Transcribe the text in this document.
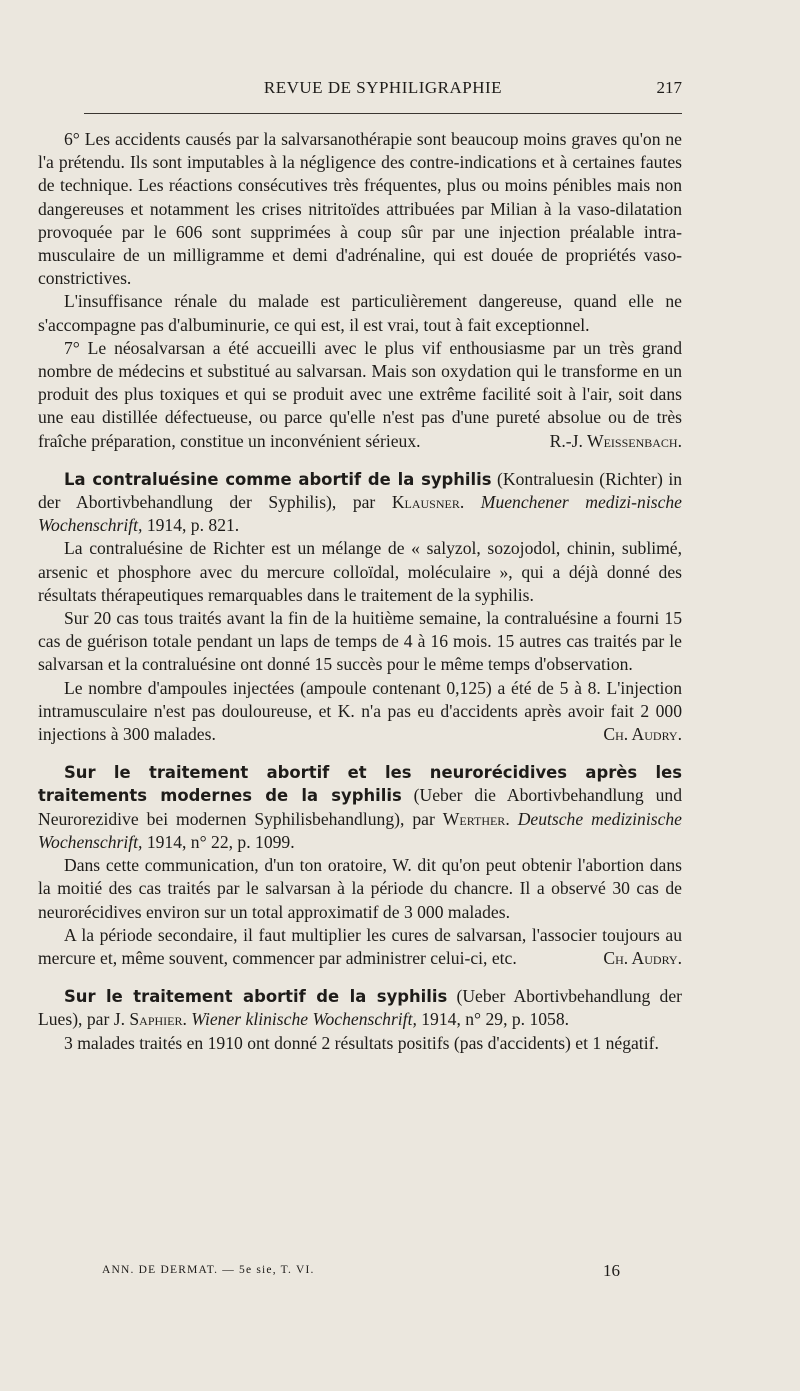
REVUE DE SYPHILIGRAPHIE	217

6° Les accidents causés par la salvarsanothérapie sont beaucoup moins graves qu'on ne l'a prétendu. Ils sont imputables à la négligence des contre-indications et à certaines fautes de technique. Les réactions consécutives très fréquentes, plus ou moins pénibles mais non dangereuses et notamment les crises nitritoïdes attribuées par Milian à la vaso-dilatation provoquée par le 606 sont supprimées à coup sûr par une injection préalable intra-musculaire de un milligramme et demi d'adrénaline, qui est douée de propriétés vaso-constrictives.

L'insuffisance rénale du malade est particulièrement dangereuse, quand elle ne s'accompagne pas d'albuminurie, ce qui est, il est vrai, tout à fait exceptionnel.

7° Le néosalvarsan a été accueilli avec le plus vif enthousiasme par un très grand nombre de médecins et substitué au salvarsan. Mais son oxydation qui le transforme en un produit des plus toxiques et qui se produit avec une extrême facilité soit à l'air, soit dans une eau distillée défectueuse, ou parce qu'elle n'est pas d'une pureté absolue ou de très fraîche préparation, constitue un inconvénient sérieux.	R.-J. Weissenbach.

La contraluésine comme abortif de la syphilis (Kontraluesin (Richter) in der Abortivbehandlung der Syphilis), par Klausner. Muenchener medizi-nische Wochenschrift, 1914, p. 821.

La contraluésine de Richter est un mélange de « salyzol, sozojodol, chinin, sublimé, arsenic et phosphore avec du mercure colloïdal, moléculaire », qui a déjà donné des résultats thérapeutiques remarquables dans le traitement de la syphilis.

Sur 20 cas tous traités avant la fin de la huitième semaine, la contraluésine a fourni 15 cas de guérison totale pendant un laps de temps de 4 à 16 mois. 15 autres cas traités par le salvarsan et la contraluésine ont donné 15 succès pour le même temps d'observation.

Le nombre d'ampoules injectées (ampoule contenant 0,125) a été de 5 à 8. L'injection intramusculaire n'est pas douloureuse, et K. n'a pas eu d'accidents après avoir fait 2 000 injections à 300 malades.	Ch. Audry.

Sur le traitement abortif et les neurorécidives après les traitements modernes de la syphilis (Ueber die Abortivbehandlung und Neurorezidive bei modernen Syphilisbehandlung), par Werther. Deutsche medizinische Wochenschrift, 1914, n° 22, p. 1099.

Dans cette communication, d'un ton oratoire, W. dit qu'on peut obtenir l'abortion dans la moitié des cas traités par le salvarsan à la période du chancre. Il a observé 30 cas de neurorécidives environ sur un total approximatif de 3 000 malades.

A la période secondaire, il faut multiplier les cures de salvarsan, l'associer toujours au mercure et, même souvent, commencer par administrer celui-ci, etc.	Ch. Audry.

Sur le traitement abortif de la syphilis (Ueber Abortivbehandlung der Lues), par J. Saphier. Wiener klinische Wochenschrift, 1914, n° 29, p. 1058.

3 malades traités en 1910 ont donné 2 résultats positifs (pas d'accidents) et 1 négatif.

ANN. DE DERMAT. — 5e sie, T. VI.	16
